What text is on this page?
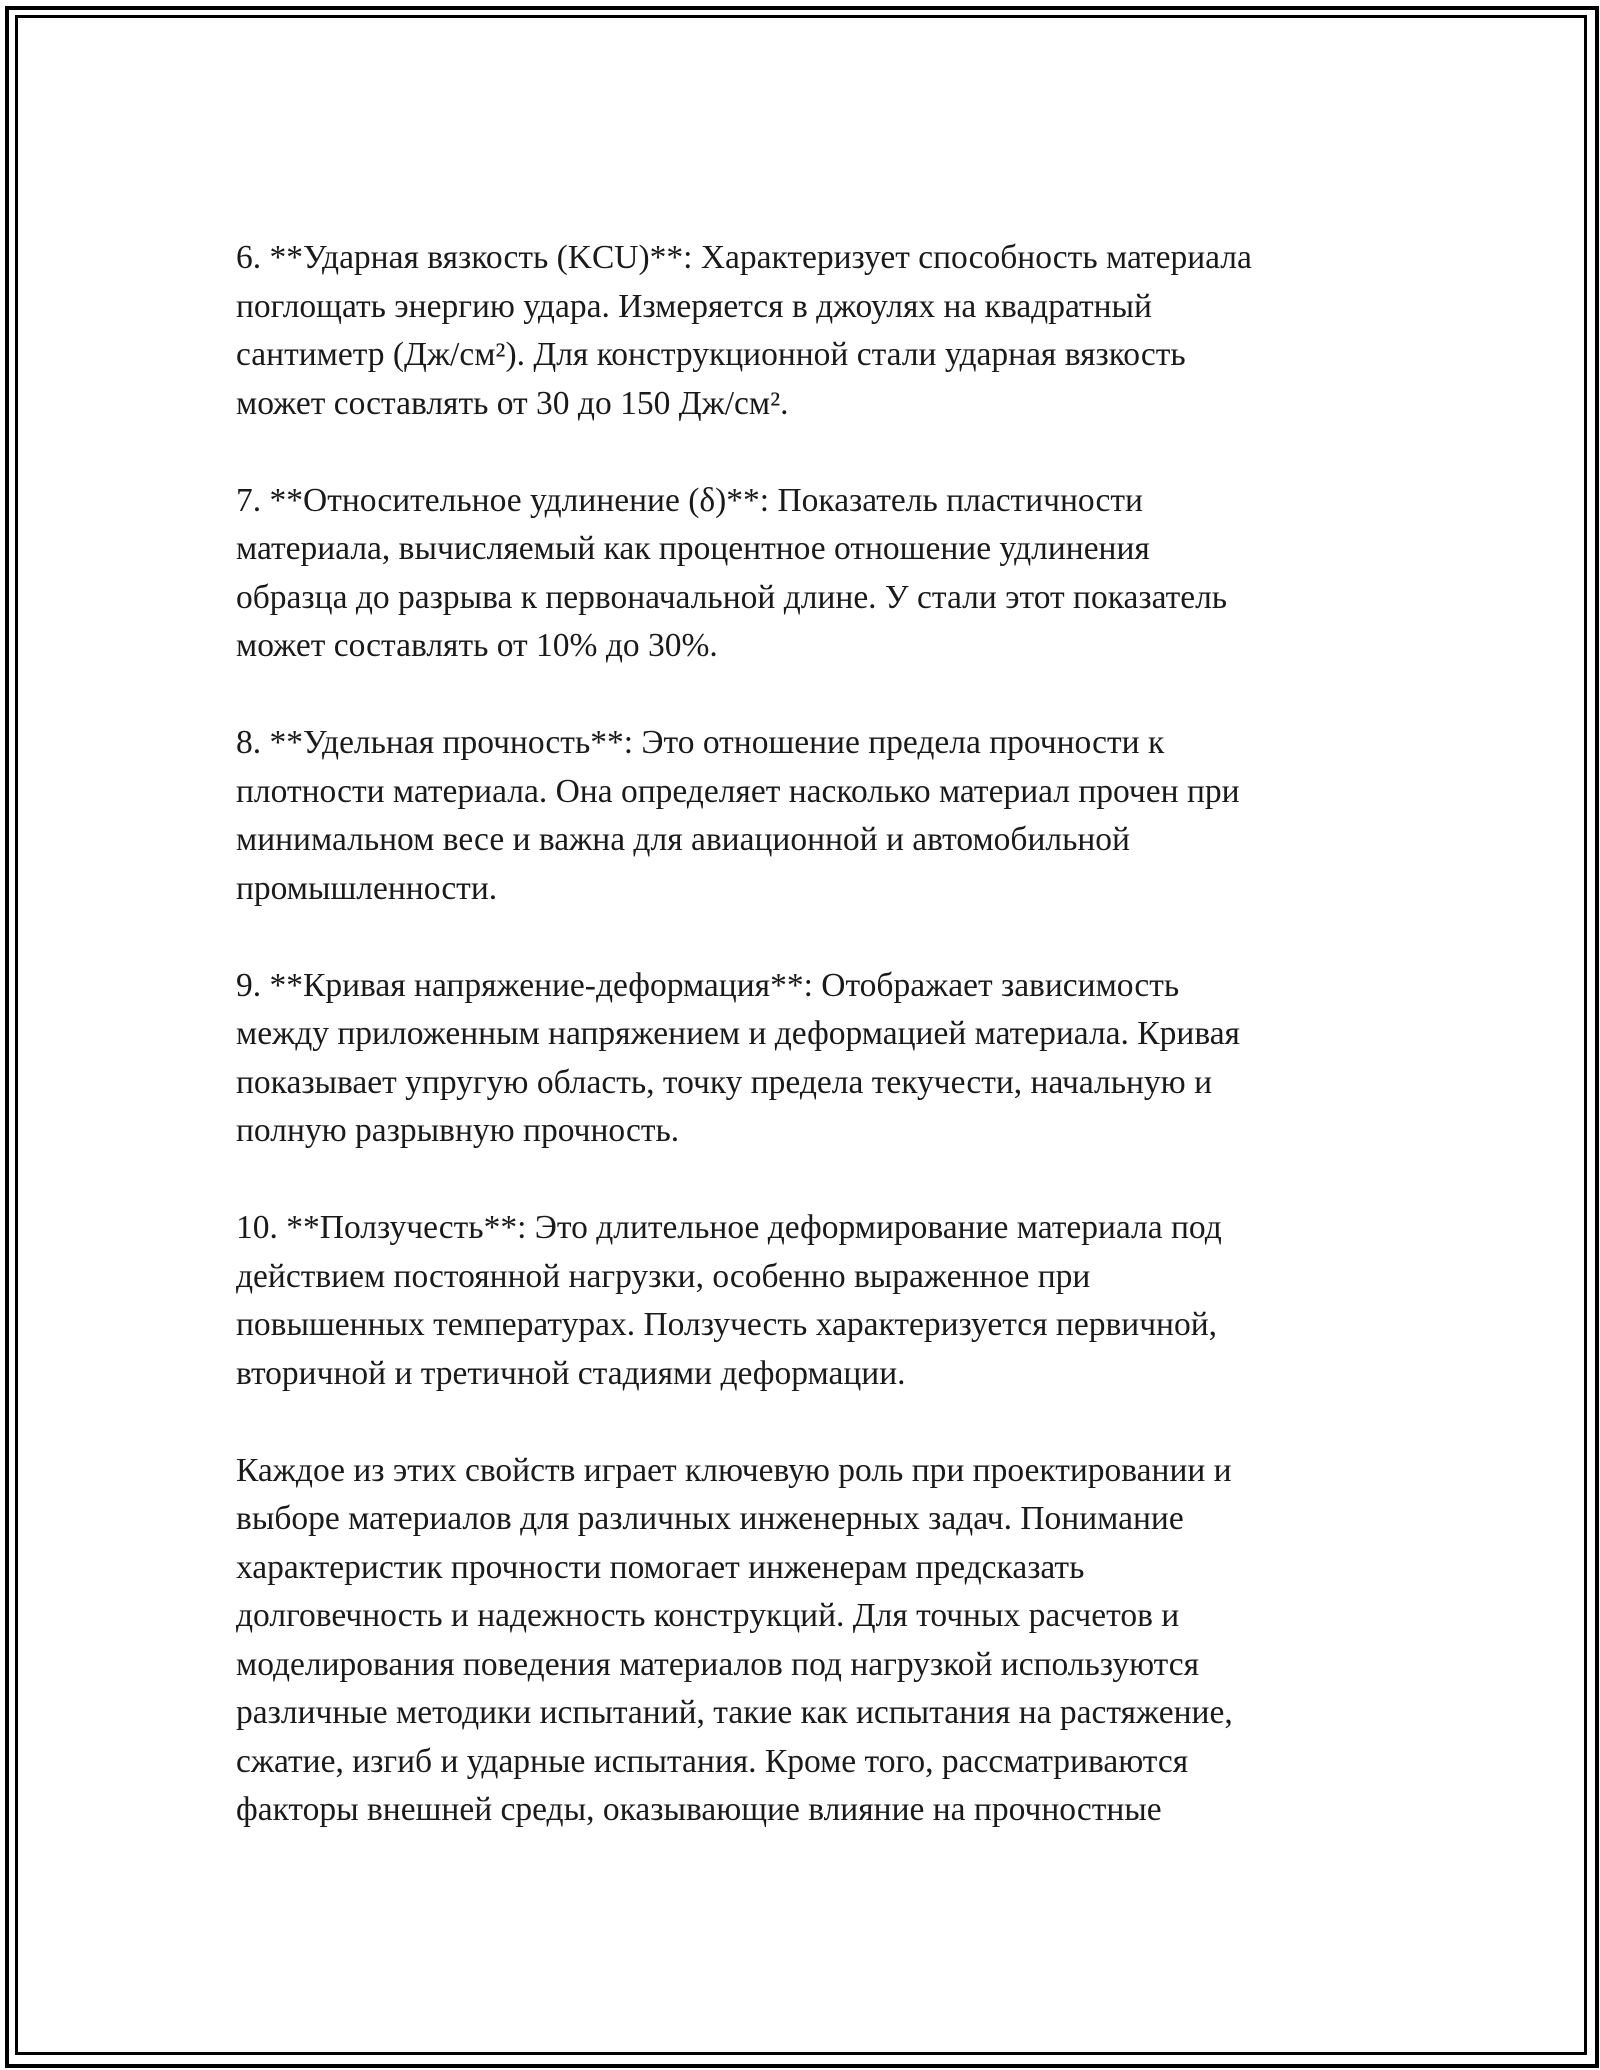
6. **Ударная вязкость (KCU)**: Характеризует способность материала
поглощать энергию удара. Измеряется в джоулях на квадратный
сантиметр (Дж/см²). Для конструкционной стали ударная вязкость
может составлять от 30 до 150 Дж/см².
7. **Относительное удлинение (δ)**: Показатель пластичности
материала, вычисляемый как процентное отношение удлинения
образца до разрыва к первоначальной длине. У стали этот показатель
может составлять от 10% до 30%.
8. **Удельная прочность**: Это отношение предела прочности к
плотности материала. Она определяет насколько материал прочен при
минимальном весе и важна для авиационной и автомобильной
промышленности.
9. **Кривая напряжение-деформация**: Отображает зависимость
между приложенным напряжением и деформацией материала. Кривая
показывает упругую область, точку предела текучести, начальную и
полную разрывную прочность.
10. **Ползучесть**: Это длительное деформирование материала под
действием постоянной нагрузки, особенно выраженное при
повышенных температурах. Ползучесть характеризуется первичной,
вторичной и третичной стадиями деформации.
Каждое из этих свойств играет ключевую роль при проектировании и
выборе материалов для различных инженерных задач. Понимание
характеристик прочности помогает инженерам предсказать
долговечность и надежность конструкций. Для точных расчетов и
моделирования поведения материалов под нагрузкой используются
различные методики испытаний, такие как испытания на растяжение,
сжатие, изгиб и ударные испытания. Кроме того, рассматриваются
факторы внешней среды, оказывающие влияние на прочностные
